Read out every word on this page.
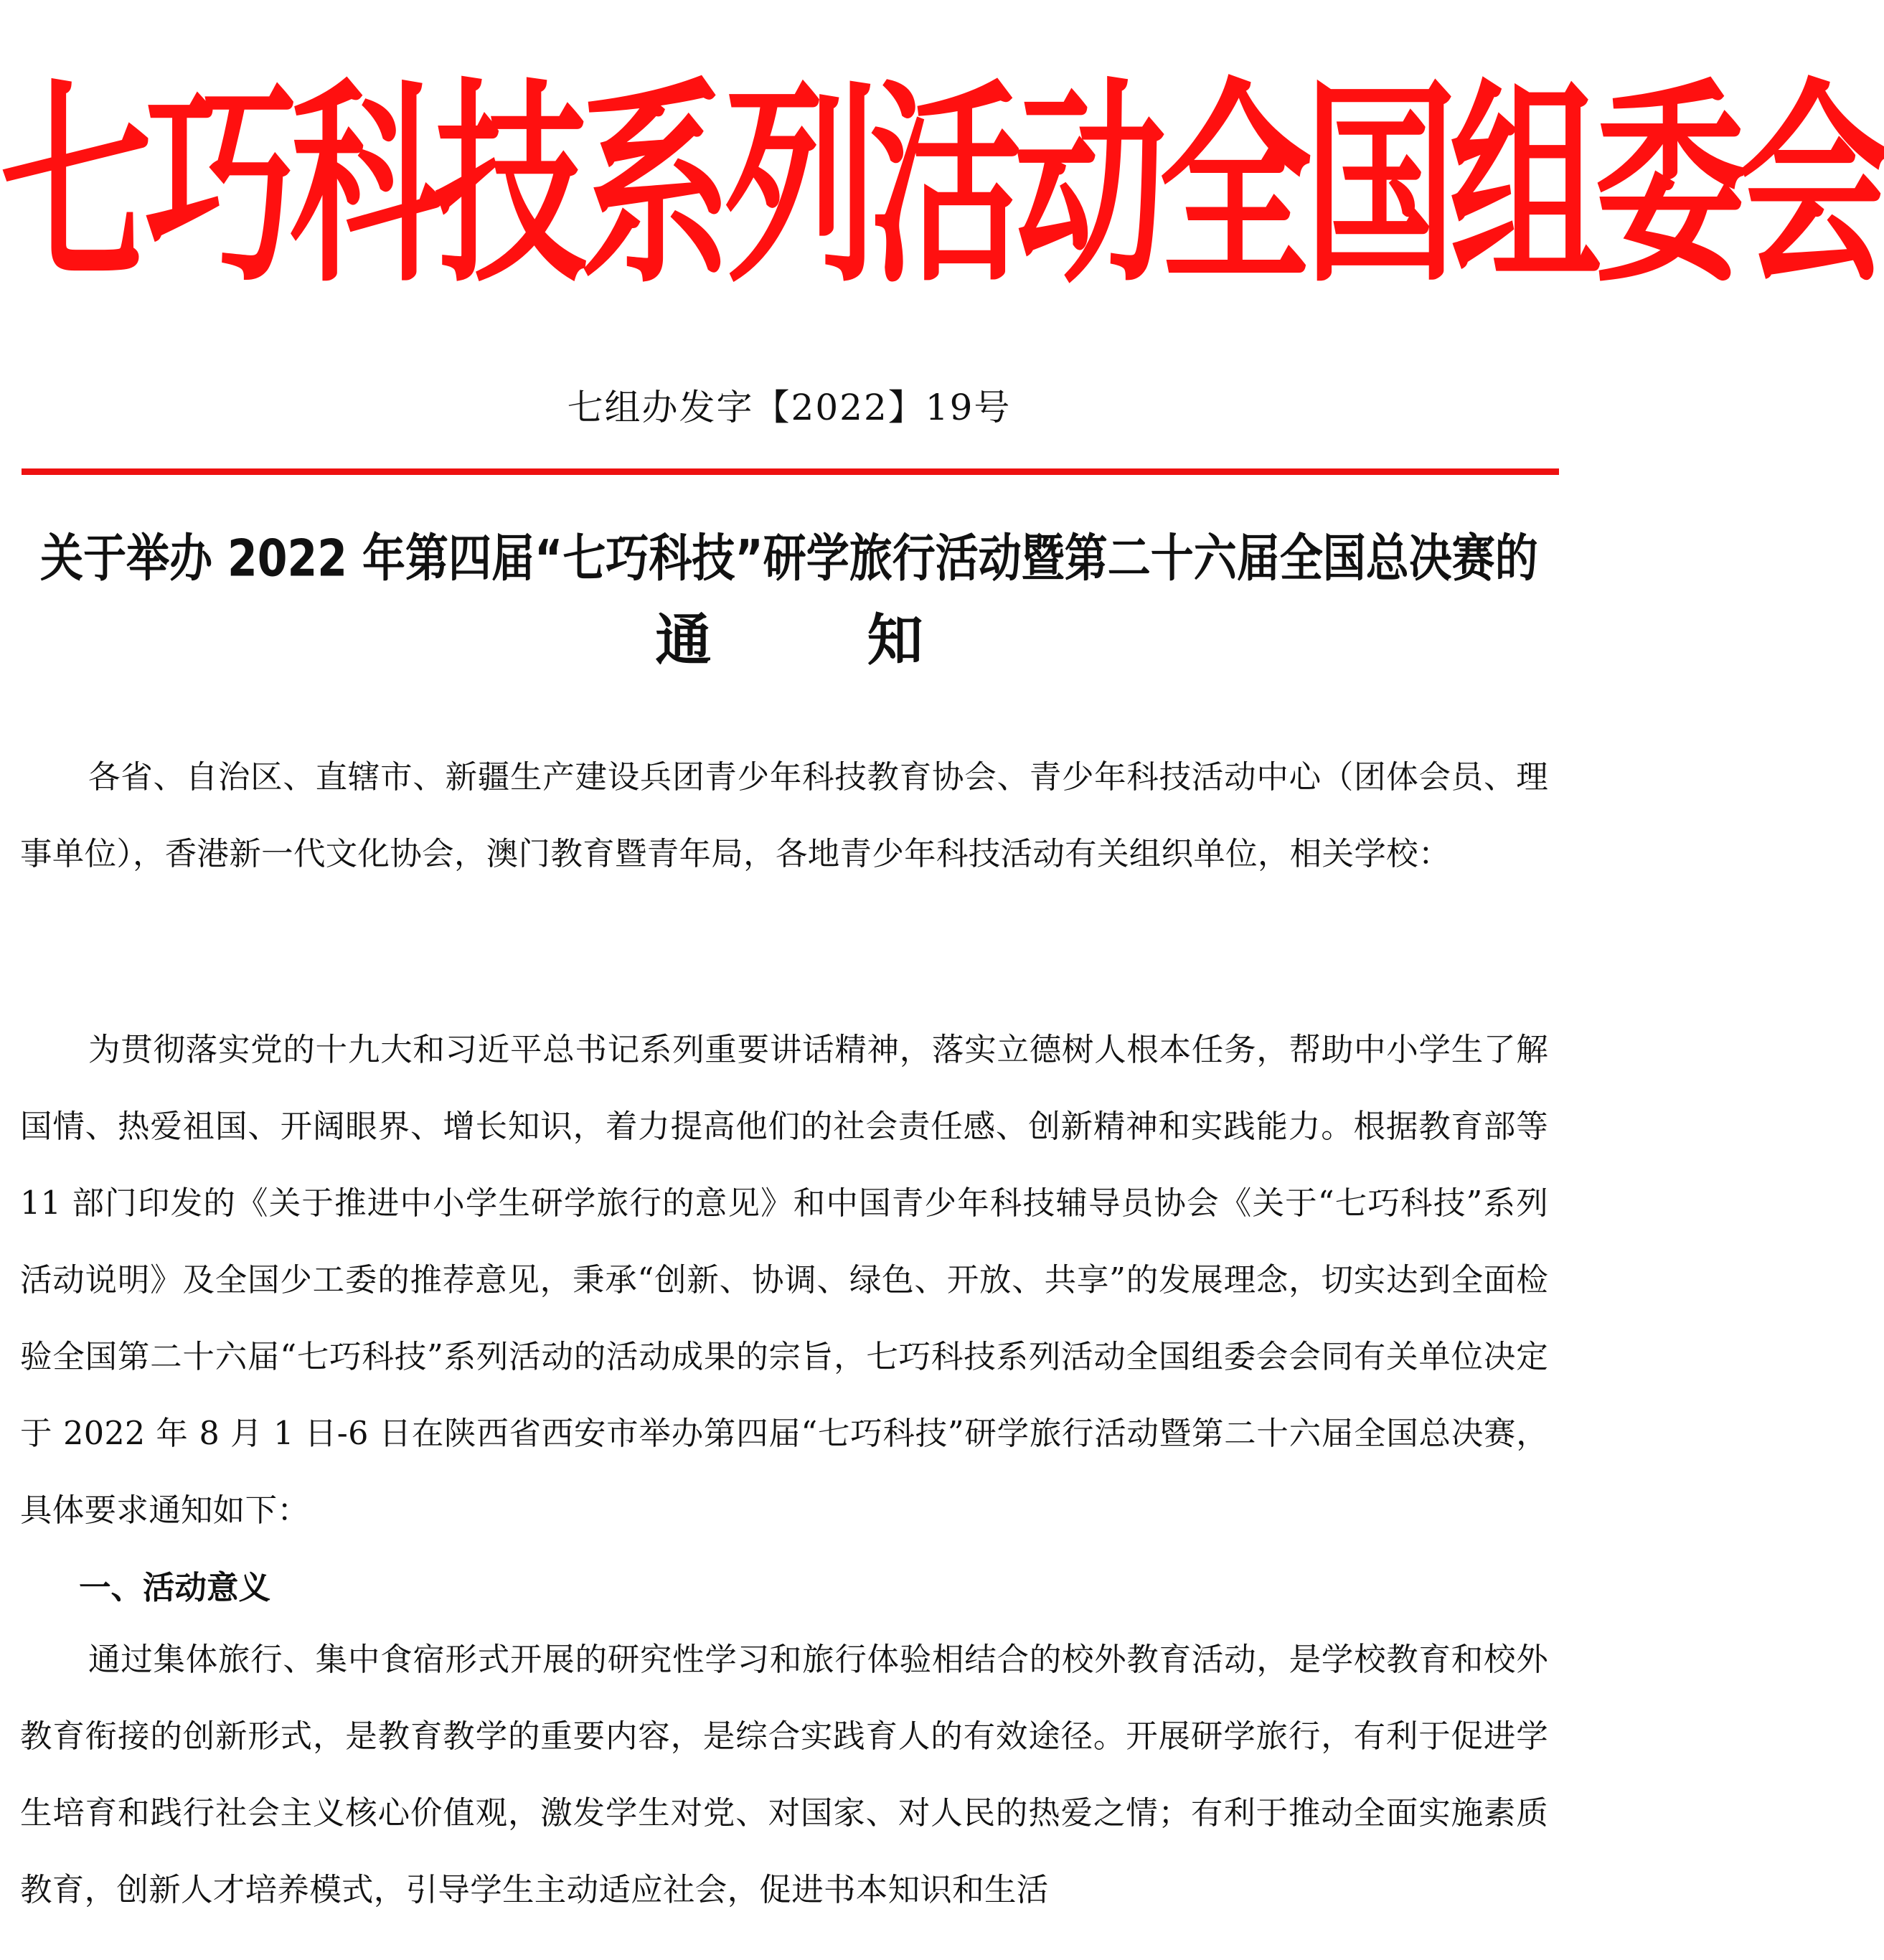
七巧科技系列活动全国组委会
七组办发字【2022】19号
关于举办 2022 年第四届“七巧科技”研学旅行活动暨第二十六届全国总决赛的
通        知
各省、自治区、直辖市、新疆生产建设兵团青少年科技教育协会、青少年科技活动中心（团体会员、理事单位），香港新一代文化协会，澳门教育暨青年局，各地青少年科技活动有关组织单位，相关学校：
为贯彻落实党的十九大和习近平总书记系列重要讲话精神，落实立德树人根本任务，帮助中小学生了解国情、热爱祖国、开阔眼界、增长知识，着力提高他们的社会责任感、创新精神和实践能力。根据教育部等 11 部门印发的《关于推进中小学生研学旅行的意见》和中国青少年科技辅导员协会《关于“七巧科技”系列活动说明》及全国少工委的推荐意见，秉承“创新、协调、绿色、开放、共享”的发展理念，切实达到全面检验全国第二十六届“七巧科技”系列活动的活动成果的宗旨，七巧科技系列活动全国组委会会同有关单位决定于 2022 年 8 月 1 日-6 日在陕西省西安市举办第四届“七巧科技”研学旅行活动暨第二十六届全国总决赛，具体要求通知如下：
一、活动意义
通过集体旅行、集中食宿形式开展的研究性学习和旅行体验相结合的校外教育活动，是学校教育和校外教育衔接的创新形式，是教育教学的重要内容，是综合实践育人的有效途径。开展研学旅行，有利于促进学生培育和践行社会主义核心价值观，激发学生对党、对国家、对人民的热爱之情；有利于推动全面实施素质教育，创新人才培养模式，引导学生主动适应社会，促进书本知识和生活
